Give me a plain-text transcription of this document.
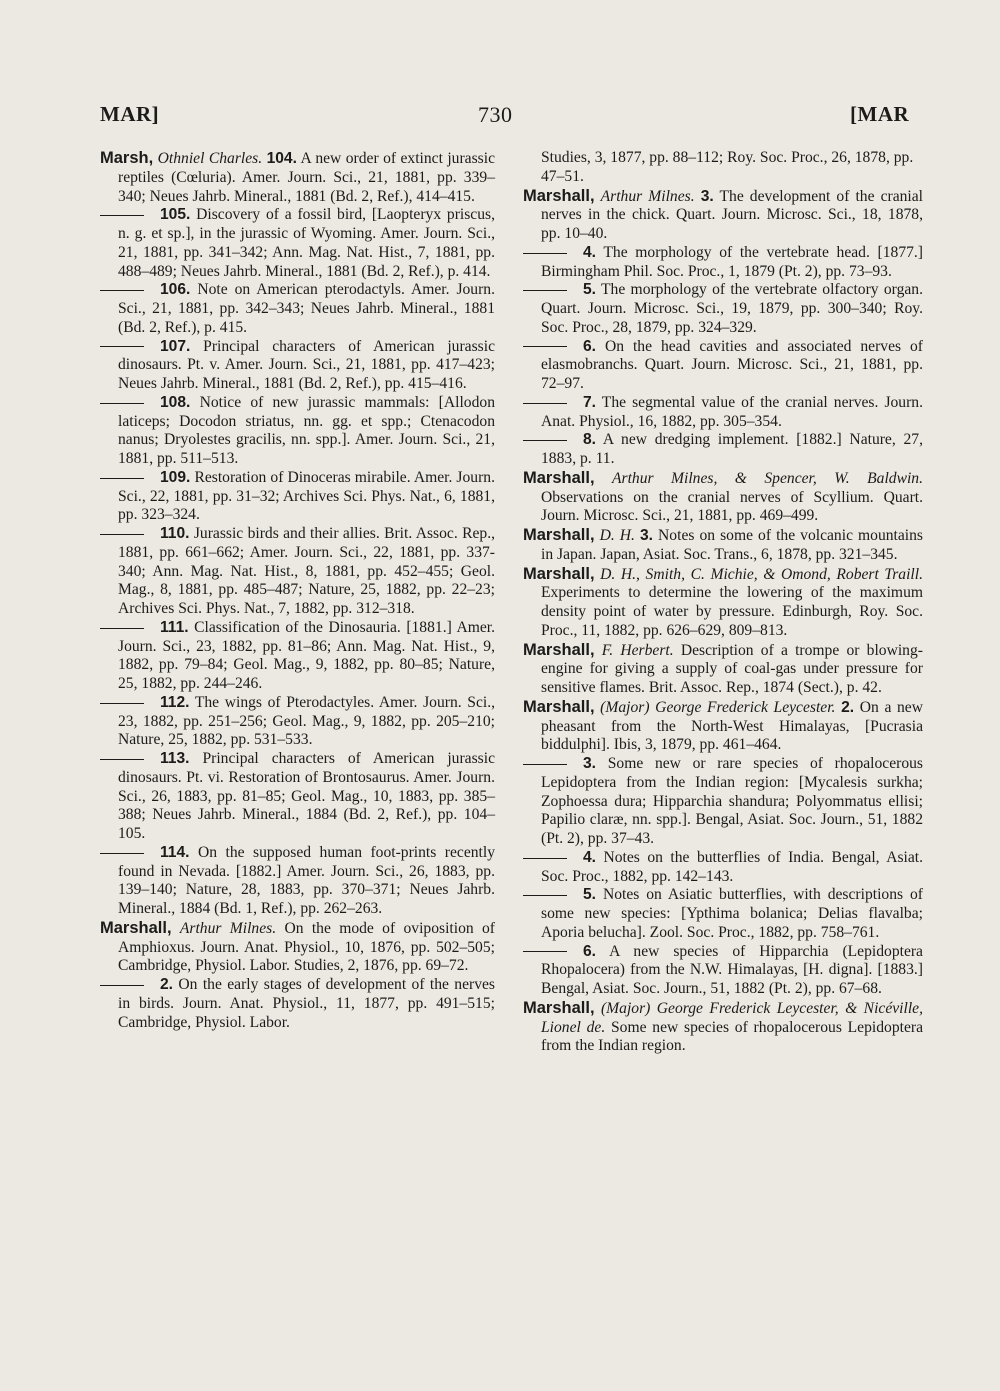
MAR]	730	[MAR

Marsh, Othniel Charles. 104. A new order of extinct jurassic reptiles (Cœluria). Amer. Journ. Sci., 21, 1881, pp. 339–340; Neues Jahrb. Mineral., 1881 (Bd. 2, Ref.), 414–415.

105. Discovery of a fossil bird, [Laopteryx priscus, n. g. et sp.], in the jurassic of Wyoming. Amer. Journ. Sci., 21, 1881, pp. 341–342; Ann. Mag. Nat. Hist., 7, 1881, pp. 488–489; Neues Jahrb. Mineral., 1881 (Bd. 2, Ref.), p. 414.

106. Note on American pterodactyls. Amer. Journ. Sci., 21, 1881, pp. 342–343; Neues Jahrb. Mineral., 1881 (Bd. 2, Ref.), p. 415.

107. Principal characters of American jurassic dinosaurs. Pt. v. Amer. Journ. Sci., 21, 1881, pp. 417–423; Neues Jahrb. Mineral., 1881 (Bd. 2, Ref.), pp. 415–416.

108. Notice of new jurassic mammals: [Allodon laticeps; Docodon striatus, nn. gg. et spp.; Ctenacodon nanus; Dryolestes gracilis, nn. spp.]. Amer. Journ. Sci., 21, 1881, pp. 511–513.

109. Restoration of Dinoceras mirabile. Amer. Journ. Sci., 22, 1881, pp. 31–32; Archives Sci. Phys. Nat., 6, 1881, pp. 323–324.

110. Jurassic birds and their allies. Brit. Assoc. Rep., 1881, pp. 661–662; Amer. Journ. Sci., 22, 1881, pp. 337-340; Ann. Mag. Nat. Hist., 8, 1881, pp. 452–455; Geol. Mag., 8, 1881, pp. 485–487; Nature, 25, 1882, pp. 22–23; Archives Sci. Phys. Nat., 7, 1882, pp. 312–318.

111. Classification of the Dinosauria. [1881.] Amer. Journ. Sci., 23, 1882, pp. 81–86; Ann. Mag. Nat. Hist., 9, 1882, pp. 79–84; Geol. Mag., 9, 1882, pp. 80–85; Nature, 25, 1882, pp. 244–246.

112. The wings of Pterodactyles. Amer. Journ. Sci., 23, 1882, pp. 251–256; Geol. Mag., 9, 1882, pp. 205–210; Nature, 25, 1882, pp. 531–533.

113. Principal characters of American jurassic dinosaurs. Pt. vi. Restoration of Brontosaurus. Amer. Journ. Sci., 26, 1883, pp. 81–85; Geol. Mag., 10, 1883, pp. 385–388; Neues Jahrb. Mineral., 1884 (Bd. 2, Ref.), pp. 104–105.

114. On the supposed human foot-prints recently found in Nevada. [1882.] Amer. Journ. Sci., 26, 1883, pp. 139–140; Nature, 28, 1883, pp. 370–371; Neues Jahrb. Mineral., 1884 (Bd. 1, Ref.), pp. 262–263.

Marshall, Arthur Milnes. On the mode of oviposition of Amphioxus. Journ. Anat. Physiol., 10, 1876, pp. 502–505; Cambridge, Physiol. Labor. Studies, 2, 1876, pp. 69–72.

2. On the early stages of development of the nerves in birds. Journ. Anat. Physiol., 11, 1877, pp. 491–515; Cambridge, Physiol. Labor.

Studies, 3, 1877, pp. 88–112; Roy. Soc. Proc., 26, 1878, pp. 47–51.

Marshall, Arthur Milnes. 3. The development of the cranial nerves in the chick. Quart. Journ. Microsc. Sci., 18, 1878, pp. 10–40.

4. The morphology of the vertebrate head. [1877.] Birmingham Phil. Soc. Proc., 1, 1879 (Pt. 2), pp. 73–93.

5. The morphology of the vertebrate olfactory organ. Quart. Journ. Microsc. Sci., 19, 1879, pp. 300–340; Roy. Soc. Proc., 28, 1879, pp. 324–329.

6. On the head cavities and associated nerves of elasmobranchs. Quart. Journ. Microsc. Sci., 21, 1881, pp. 72–97.

7. The segmental value of the cranial nerves. Journ. Anat. Physiol., 16, 1882, pp. 305–354.

8. A new dredging implement. [1882.] Nature, 27, 1883, p. 11.

Marshall, Arthur Milnes, & Spencer, W. Baldwin. Observations on the cranial nerves of Scyllium. Quart. Journ. Microsc. Sci., 21, 1881, pp. 469–499.

Marshall, D. H. 3. Notes on some of the volcanic mountains in Japan. Japan, Asiat. Soc. Trans., 6, 1878, pp. 321–345.

Marshall, D. H., Smith, C. Michie, & Omond, Robert Traill. Experiments to determine the lowering of the maximum density point of water by pressure. Edinburgh, Roy. Soc. Proc., 11, 1882, pp. 626–629, 809–813.

Marshall, F. Herbert. Description of a trompe or blowing-engine for giving a supply of coal-gas under pressure for sensitive flames. Brit. Assoc. Rep., 1874 (Sect.), p. 42.

Marshall, (Major) George Frederick Leycester. 2. On a new pheasant from the North-West Himalayas, [Pucrasia biddulphi]. Ibis, 3, 1879, pp. 461–464.

3. Some new or rare species of rhopalocerous Lepidoptera from the Indian region: [Mycalesis surkha; Zophoessa dura; Hipparchia shandura; Polyommatus ellisi; Papilio claræ, nn. spp.]. Bengal, Asiat. Soc. Journ., 51, 1882 (Pt. 2), pp. 37–43.

4. Notes on the butterflies of India. Bengal, Asiat. Soc. Proc., 1882, pp. 142–143.

5. Notes on Asiatic butterflies, with descriptions of some new species: [Ypthima bolanica; Delias flavalba; Aporia belucha]. Zool. Soc. Proc., 1882, pp. 758–761.

6. A new species of Hipparchia (Lepidoptera Rhopalocera) from the N.W. Himalayas, [H. digna]. [1883.] Bengal, Asiat. Soc. Journ., 51, 1882 (Pt. 2), pp. 67–68.

Marshall, (Major) George Frederick Leycester, & Nicéville, Lionel de. Some new species of rhopalocerous Lepidoptera from the Indian region.
